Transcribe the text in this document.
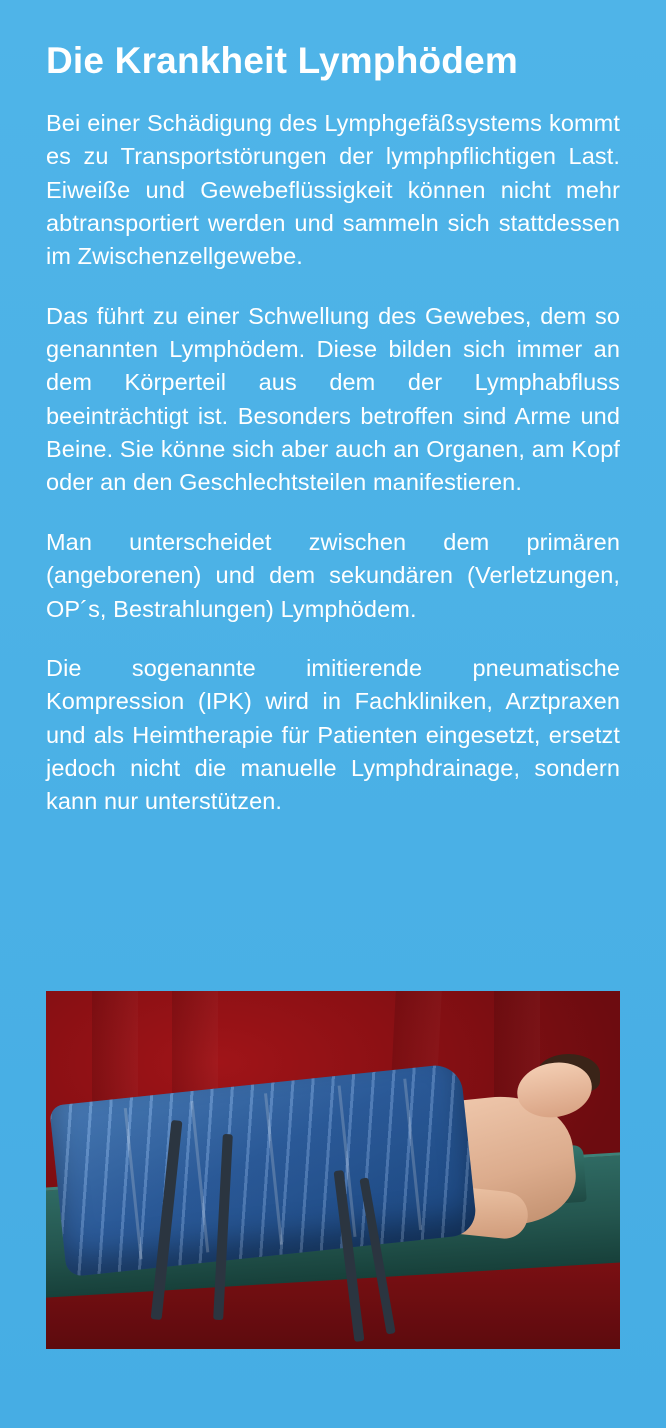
Die Krankheit Lymphödem

Bei einer Schädigung des Lymphgefäßsystems kommt es zu Transportstörungen der lymphpflichtigen Last. Eiweiße und Gewebeflüssigkeit können nicht mehr abtransportiert werden und sammeln sich stattdessen im Zwischenzellgewebe.

Das führt zu einer Schwellung des Gewebes, dem so genannten Lymphödem. Diese bilden sich immer an dem Körperteil aus dem der Lymphabfluss beeinträchtigt ist. Besonders betroffen sind Arme und Beine. Sie könne sich aber auch an Organen, am Kopf oder an den Geschlechtsteilen manifestieren.

Man unterscheidet zwischen dem primären (angeborenen) und dem sekundären (Verletzungen, OP´s, Bestrahlungen) Lymphödem.

Die sogenannte imitierende pneumatische Kompression (IPK) wird in Fachkliniken, Arztpraxen und als Heimtherapie für Patienten eingesetzt, ersetzt jedoch nicht die manuelle Lymphdrainage, sondern kann nur unterstützen.
